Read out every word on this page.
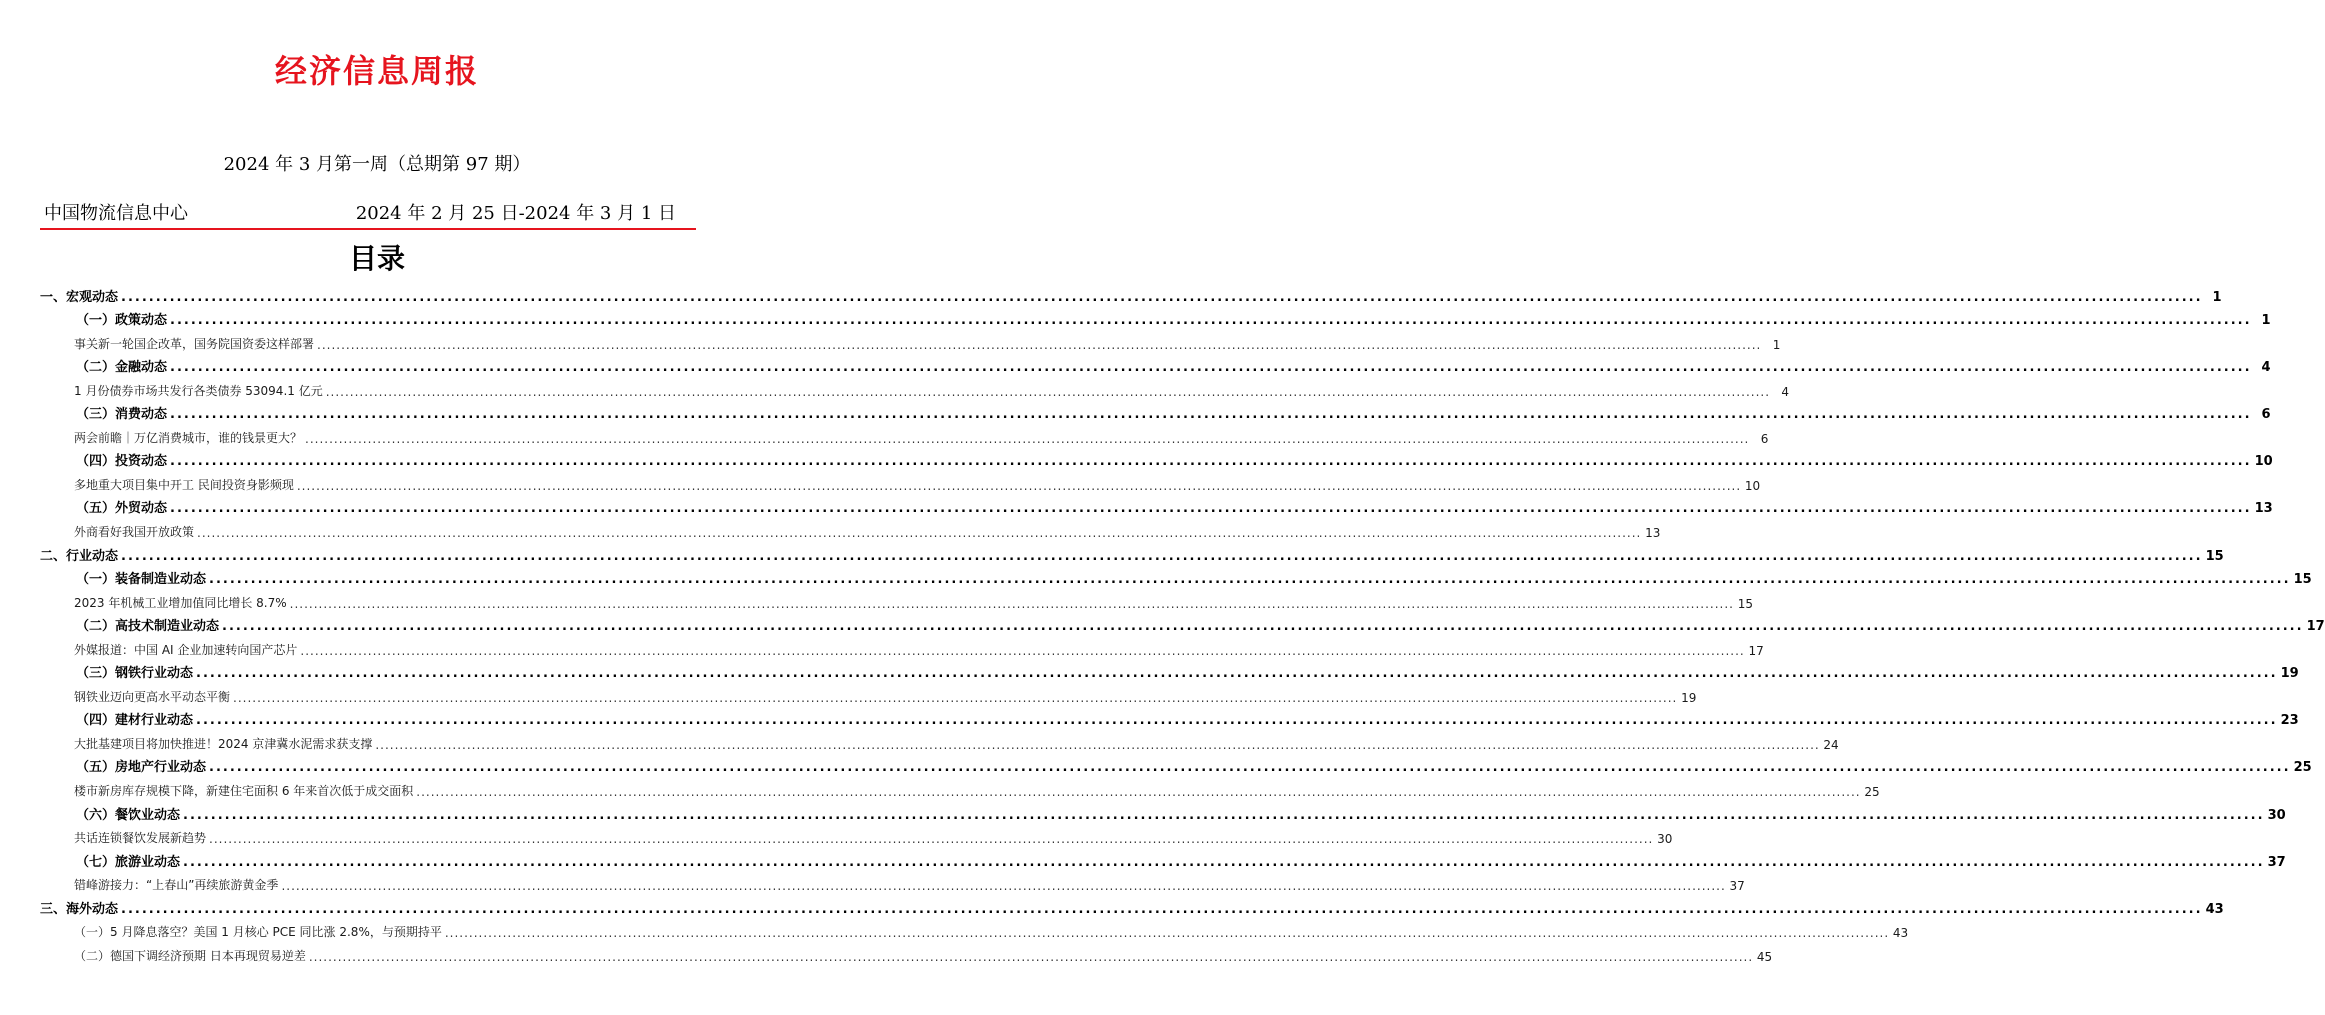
经济信息周报
2024 年 3 月第一周（总期第 97 期）
中国物流信息中心	2024 年 2 月 25 日-2024 年 3 月 1 日
目录
一、宏观动态 ............................................................................................................................................................................................................................................................................................................ 1
（一）政策动态 ............................................................................................................................................................................................................................................................................................................ 1
事关新一轮国企改革，国务院国资委这样部署 ............................................................................................................................................................................................................................................................................................................ 1
（二）金融动态 ............................................................................................................................................................................................................................................................................................................ 4
1 月份债券市场共发行各类债券 53094.1 亿元 ............................................................................................................................................................................................................................................................................................................ 4
（三）消费动态 ............................................................................................................................................................................................................................................................................................................ 6
两会前瞻｜万亿消费城市，谁的钱景更大？ ............................................................................................................................................................................................................................................................................................................ 6
（四）投资动态 ............................................................................................................................................................................................................................................................................................................ 10
多地重大项目集中开工 民间投资身影频现 ............................................................................................................................................................................................................................................................................................................ 10
（五）外贸动态 ............................................................................................................................................................................................................................................................................................................ 13
外商看好我国开放政策 ............................................................................................................................................................................................................................................................................................................ 13
二、行业动态 ............................................................................................................................................................................................................................................................................................................ 15
（一）装备制造业动态 ............................................................................................................................................................................................................................................................................................................ 15
2023 年机械工业增加值同比增长 8.7% ............................................................................................................................................................................................................................................................................................................ 15
（二）高技术制造业动态 ............................................................................................................................................................................................................................................................................................................ 17
外媒报道：中国 AI 企业加速转向国产芯片 ............................................................................................................................................................................................................................................................................................................ 17
（三）钢铁行业动态 ............................................................................................................................................................................................................................................................................................................ 19
钢铁业迈向更高水平动态平衡 ............................................................................................................................................................................................................................................................................................................ 19
（四）建材行业动态 ............................................................................................................................................................................................................................................................................................................ 23
大批基建项目将加快推进！2024 京津冀水泥需求获支撑 ............................................................................................................................................................................................................................................................................................................ 24
（五）房地产行业动态 ............................................................................................................................................................................................................................................................................................................ 25
楼市新房库存规模下降，新建住宅面积 6 年来首次低于成交面积 ............................................................................................................................................................................................................................................................................................................ 25
（六）餐饮业动态 ............................................................................................................................................................................................................................................................................................................ 30
共话连锁餐饮发展新趋势 ............................................................................................................................................................................................................................................................................................................ 30
（七）旅游业动态 ............................................................................................................................................................................................................................................................................................................ 37
错峰游接力：“上春山”再续旅游黄金季 ............................................................................................................................................................................................................................................................................................................ 37
三、海外动态 ............................................................................................................................................................................................................................................................................................................ 43
（一）5 月降息落空？美国 1 月核心 PCE 同比涨 2.8%，与预期持平 ............................................................................................................................................................................................................................................................................................................ 43
（二）德国下调经济预期 日本再现贸易逆差 ............................................................................................................................................................................................................................................................................................................ 45
